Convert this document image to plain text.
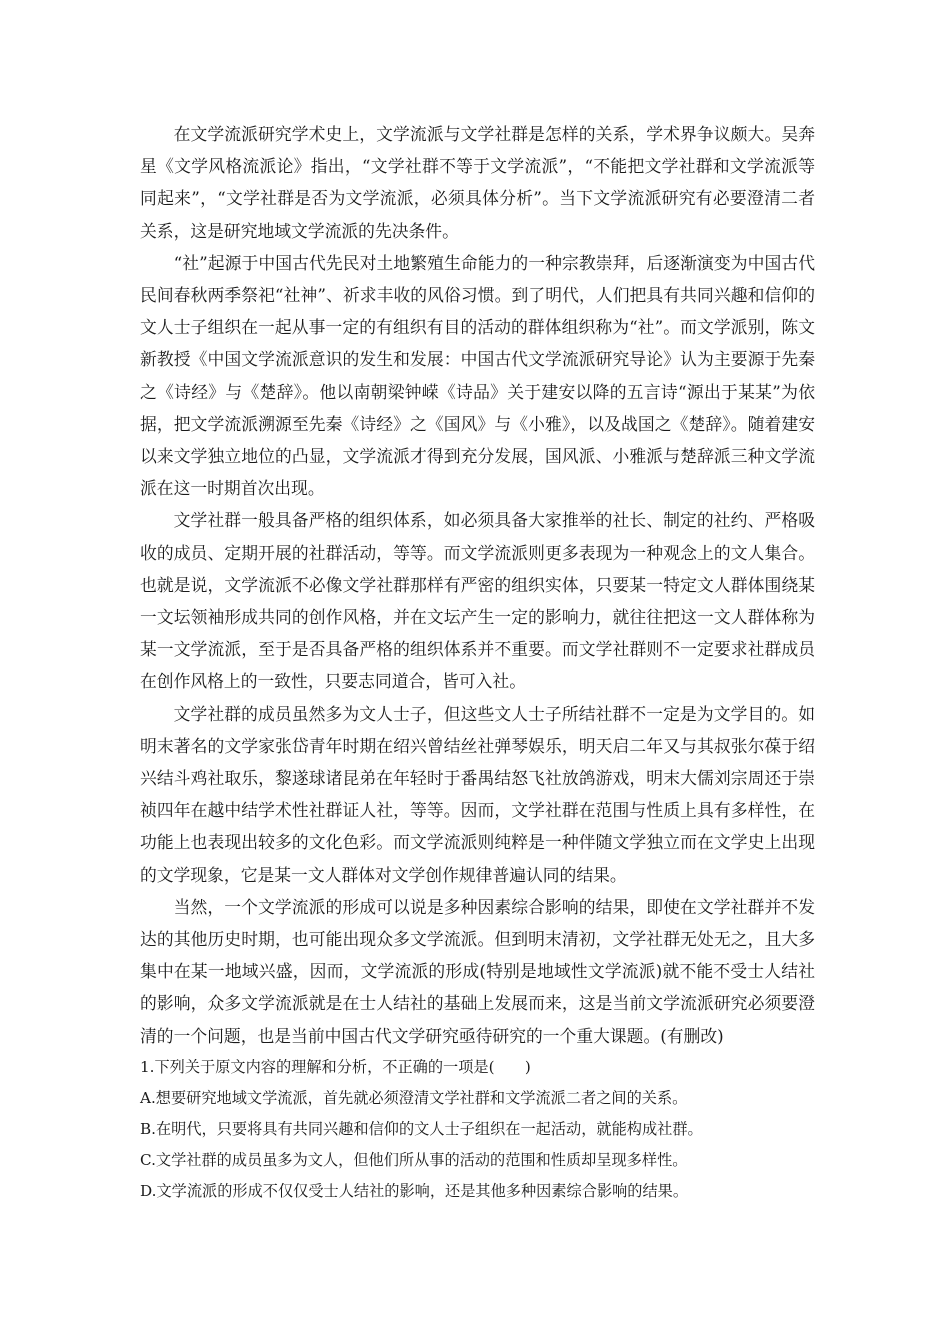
在文学流派研究学术史上，文学流派与文学社群是怎样的关系，学术界争议颇大。吴奔星《文学风格流派论》指出，“文学社群不等于文学流派”，“不能把文学社群和文学流派等同起来”，“文学社群是否为文学流派，必须具体分析”。当下文学流派研究有必要澄清二者关系，这是研究地域文学流派的先决条件。

“社”起源于中国古代先民对土地繁殖生命能力的一种宗教崇拜，后逐渐演变为中国古代民间春秋两季祭祀“社神”、祈求丰收的风俗习惯。到了明代，人们把具有共同兴趣和信仰的文人士子组织在一起从事一定的有组织有目的活动的群体组织称为“社”。而文学派别，陈文新教授《中国文学流派意识的发生和发展：中国古代文学流派研究导论》认为主要源于先秦之《诗经》与《楚辞》。他以南朝梁钟嵘《诗品》关于建安以降的五言诗“源出于某某”为依据，把文学流派溯源至先秦《诗经》之《国风》与《小雅》，以及战国之《楚辞》。随着建安以来文学独立地位的凸显，文学流派才得到充分发展，国风派、小雅派与楚辞派三种文学流派在这一时期首次出现。

文学社群一般具备严格的组织体系，如必须具备大家推举的社长、制定的社约、严格吸收的成员、定期开展的社群活动，等等。而文学流派则更多表现为一种观念上的文人集合。也就是说，文学流派不必像文学社群那样有严密的组织实体，只要某一特定文人群体围绕某一文坛领袖形成共同的创作风格，并在文坛产生一定的影响力，就往往把这一文人群体称为某一文学流派，至于是否具备严格的组织体系并不重要。而文学社群则不一定要求社群成员在创作风格上的一致性，只要志同道合，皆可入社。

文学社群的成员虽然多为文人士子，但这些文人士子所结社群不一定是为文学目的。如明末著名的文学家张岱青年时期在绍兴曾结丝社弹琴娱乐，明天启二年又与其叔张尔葆于绍兴结斗鸡社取乐，黎遂球诸昆弟在年轻时于番禺结怒飞社放鸽游戏，明末大儒刘宗周还于崇祯四年在越中结学术性社群证人社，等等。因而，文学社群在范围与性质上具有多样性，在功能上也表现出较多的文化色彩。而文学流派则纯粹是一种伴随文学独立而在文学史上出现的文学现象，它是某一文人群体对文学创作规律普遍认同的结果。

当然，一个文学流派的形成可以说是多种因素综合影响的结果，即使在文学社群并不发达的其他历史时期，也可能出现众多文学流派。但到明末清初，文学社群无处无之，且大多集中在某一地域兴盛，因而，文学流派的形成(特别是地域性文学流派)就不能不受士人结社的影响，众多文学流派就是在士人结社的基础上发展而来，这是当前文学流派研究必须要澄清的一个问题，也是当前中国古代文学研究亟待研究的一个重大课题。(有删改)

1.下列关于原文内容的理解和分析，不正确的一项是(　　)

A.想要研究地域文学流派，首先就必须澄清文学社群和文学流派二者之间的关系。

B.在明代，只要将具有共同兴趣和信仰的文人士子组织在一起活动，就能构成社群。

C.文学社群的成员虽多为文人，但他们所从事的活动的范围和性质却呈现多样性。

D.文学流派的形成不仅仅受士人结社的影响，还是其他多种因素综合影响的结果。
